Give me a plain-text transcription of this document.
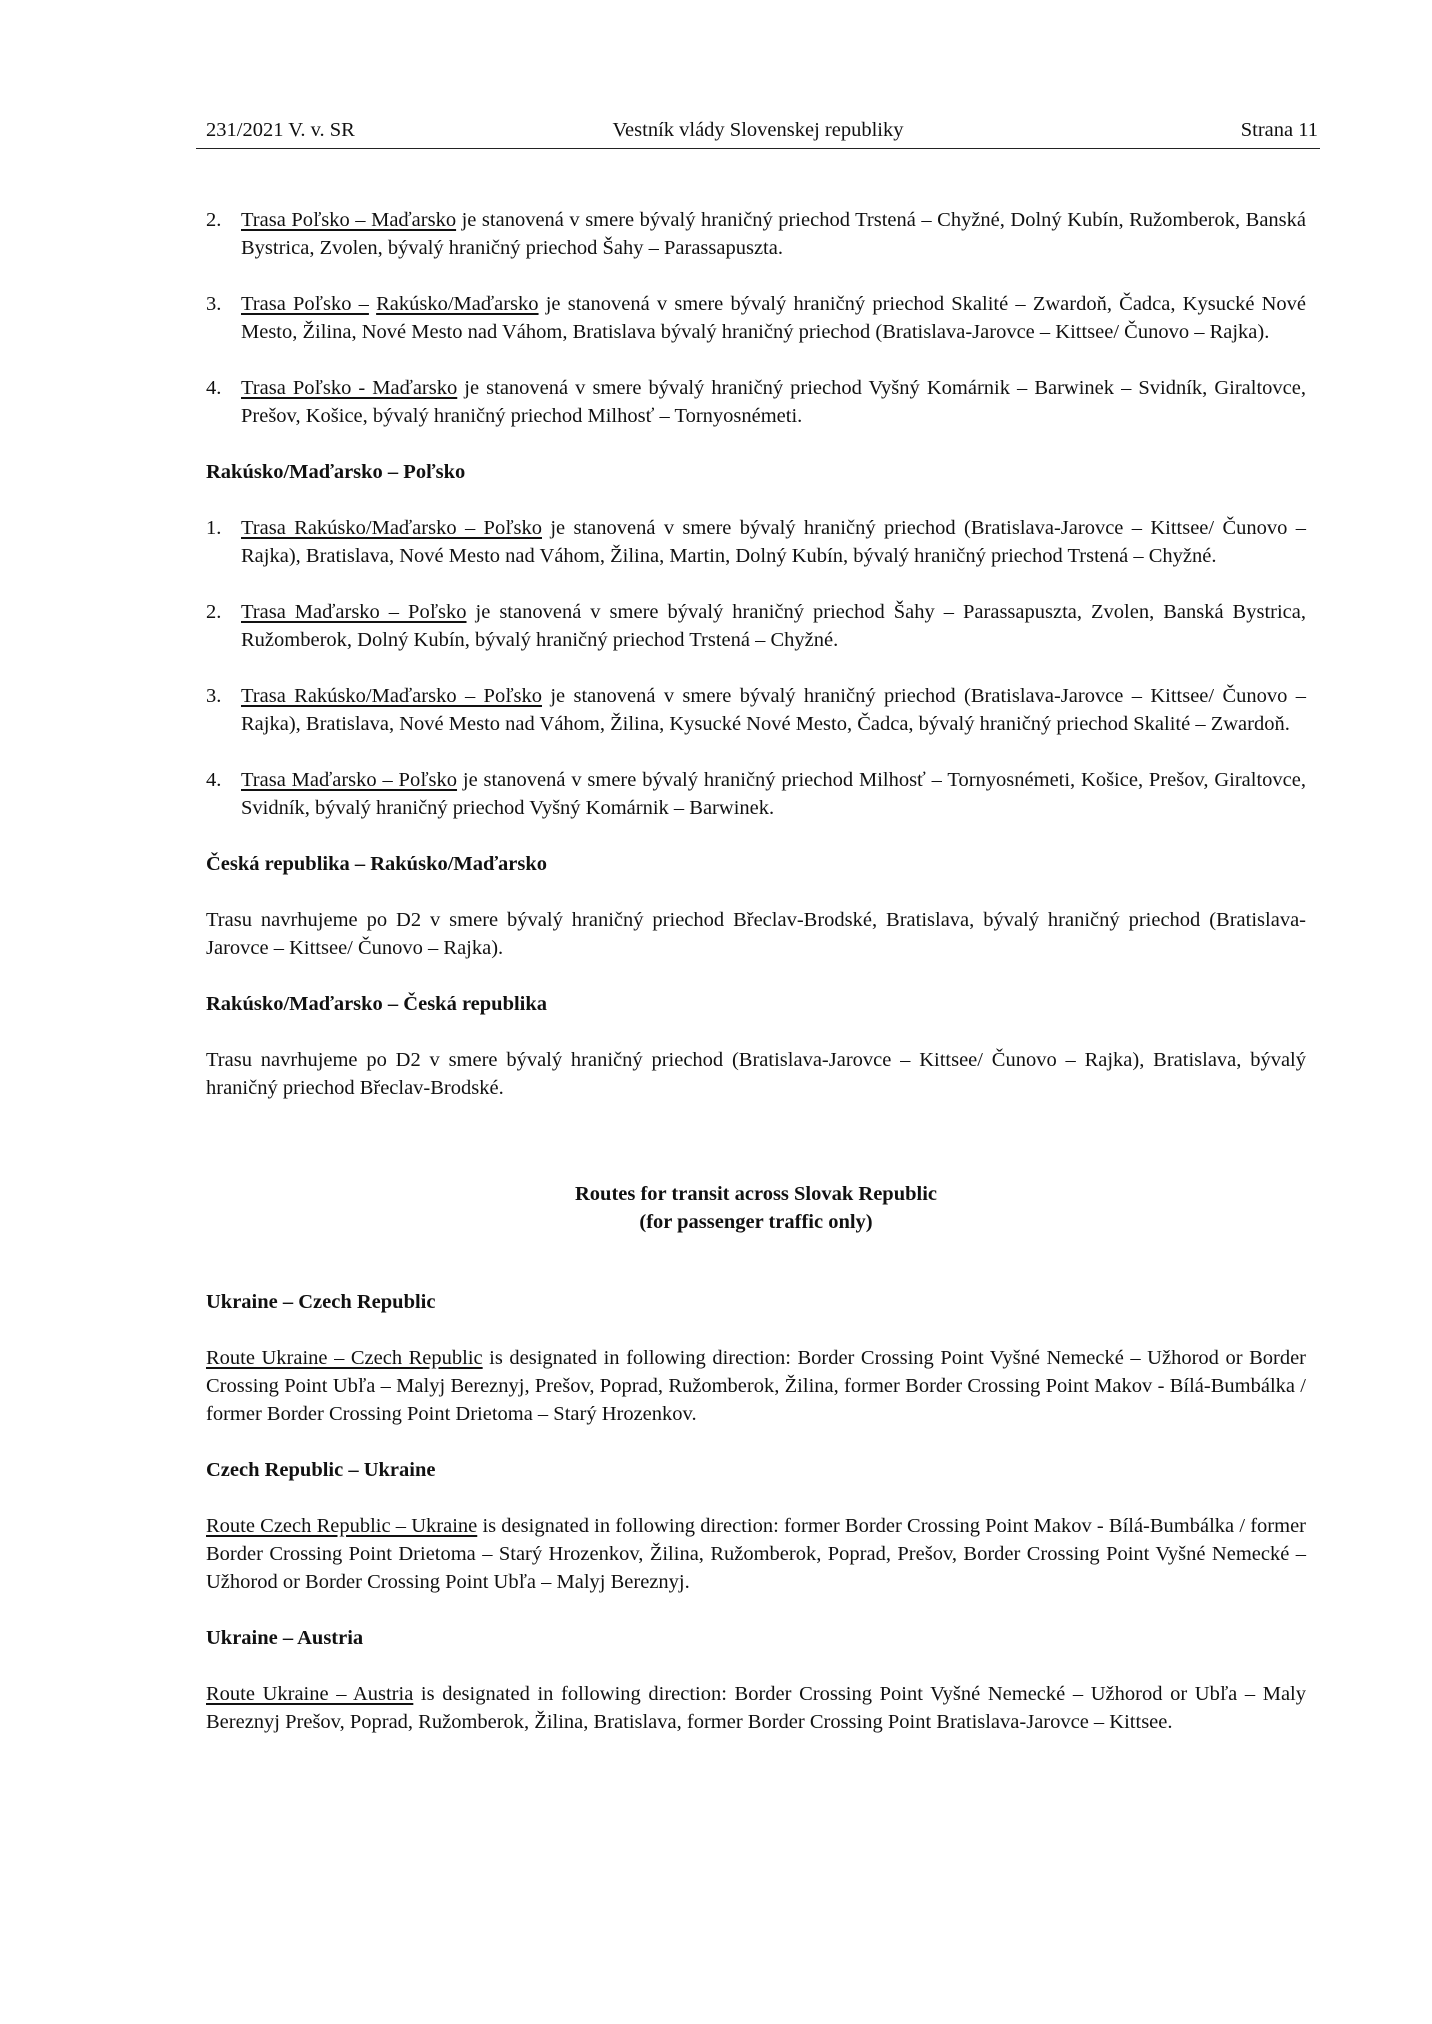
231/2021 V. v. SR	Vestník vlády Slovenskej republiky	Strana 11
2. Trasa Poľsko – Maďarsko je stanovená v smere bývalý hraničný priechod Trstená – Chyžné, Dolný Kubín, Ružomberok, Banská Bystrica, Zvolen, bývalý hraničný priechod Šahy – Parassapuszta.

3. Trasa Poľsko – Rakúsko/Maďarsko je stanovená v smere bývalý hraničný priechod Skalité – Zwardoň, Čadca, Kysucké Nové Mesto, Žilina, Nové Mesto nad Váhom, Bratislava bývalý hraničný priechod (Bratislava-Jarovce – Kittsee/ Čunovo – Rajka).

4. Trasa Poľsko - Maďarsko je stanovená v smere bývalý hraničný priechod Vyšný Komárnik – Barwinek – Svidník, Giraltovce, Prešov, Košice, bývalý hraničný priechod Milhosť – Tornyosnémeti.

Rakúsko/Maďarsko – Poľsko
1. Trasa Rakúsko/Maďarsko – Poľsko je stanovená v smere bývalý hraničný priechod (Bratislava-Jarovce – Kittsee/ Čunovo – Rajka), Bratislava, Nové Mesto nad Váhom, Žilina, Martin, Dolný Kubín, bývalý hraničný priechod Trstená – Chyžné.

2. Trasa Maďarsko – Poľsko je stanovená v smere bývalý hraničný priechod Šahy – Parassapuszta, Zvolen, Banská Bystrica, Ružomberok, Dolný Kubín, bývalý hraničný priechod Trstená – Chyžné.

3. Trasa Rakúsko/Maďarsko – Poľsko je stanovená v smere bývalý hraničný priechod (Bratislava-Jarovce – Kittsee/ Čunovo – Rajka), Bratislava, Nové Mesto nad Váhom, Žilina, Kysucké Nové Mesto, Čadca, bývalý hraničný priechod Skalité – Zwardoň.

4. Trasa Maďarsko – Poľsko je stanovená v smere bývalý hraničný priechod Milhosť – Tornyosnémeti, Košice, Prešov, Giraltovce, Svidník, bývalý hraničný priechod Vyšný Komárnik – Barwinek.

Česká republika – Rakúsko/Maďarsko

Trasu navrhujeme po D2 v smere bývalý hraničný priechod Břeclav-Brodské, Bratislava, bývalý hraničný priechod (Bratislava-Jarovce – Kittsee/ Čunovo – Rajka).

Rakúsko/Maďarsko – Česká republika

Trasu navrhujeme po D2 v smere bývalý hraničný priechod (Bratislava-Jarovce – Kittsee/ Čunovo – Rajka), Bratislava, bývalý hraničný priechod Břeclav-Brodské.

Routes for transit across Slovak Republic

(for passenger traffic only)

Ukraine – Czech Republic

Route Ukraine – Czech Republic is designated in following direction: Border Crossing Point Vyšné Nemecké – Užhorod or Border Crossing Point Ubľa – Malyj Bereznyj, Prešov, Poprad, Ružomberok, Žilina, former Border Crossing Point Makov - Bílá-Bumbálka / former Border Crossing Point Drietoma – Starý Hrozenkov.

Czech Republic – Ukraine

Route Czech Republic – Ukraine is designated in following direction: former Border Crossing Point Makov - Bílá-Bumbálka / former Border Crossing Point Drietoma – Starý Hrozenkov, Žilina, Ružomberok, Poprad, Prešov, Border Crossing Point Vyšné Nemecké – Užhorod or Border Crossing Point Ubľa – Malyj Bereznyj.

Ukraine – Austria

Route Ukraine – Austria is designated in following direction: Border Crossing Point Vyšné Nemecké – Užhorod or Ubľa – Maly Bereznyj Prešov, Poprad, Ružomberok, Žilina, Bratislava, former Border Crossing Point Bratislava-Jarovce – Kittsee.
